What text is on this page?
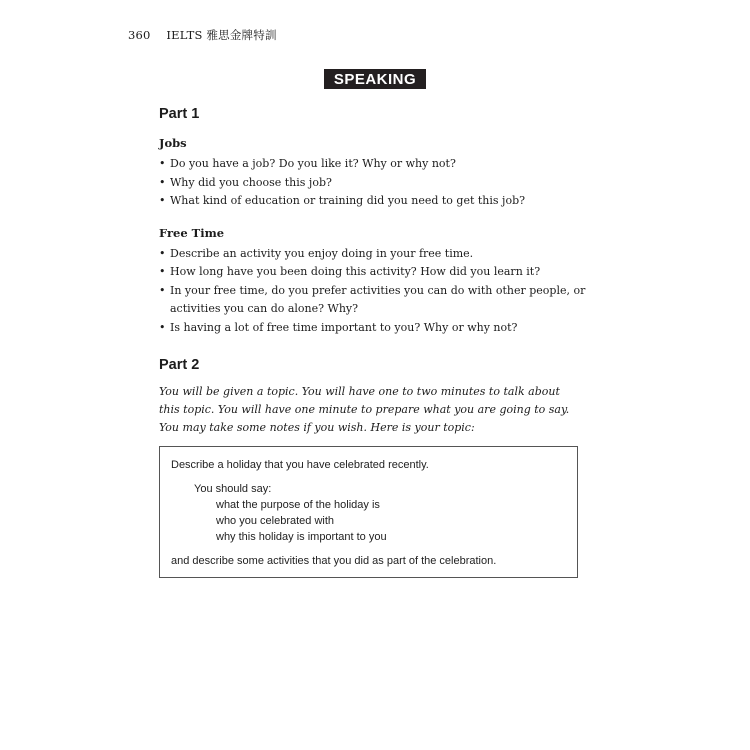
360 IELTS 雅思金牌特訓
SPEAKING
Part 1
Jobs
• Do you have a job? Do you like it? Why or why not?
• Why did you choose this job?
• What kind of education or training did you need to get this job?
Free Time
• Describe an activity you enjoy doing in your free time.
• How long have you been doing this activity? How did you learn it?
• In your free time, do you prefer activities you can do with other people, or activities you can do alone? Why?
• Is having a lot of free time important to you? Why or why not?
Part 2

You will be given a topic. You will have one to two minutes to talk about this topic. You will have one minute to prepare what you are going to say. You may take some notes if you wish. Here is your topic:

Describe a holiday that you have celebrated recently.

You should say:
what the purpose of the holiday is
who you celebrated with
why this holiday is important to you

and describe some activities that you did as part of the celebration.
